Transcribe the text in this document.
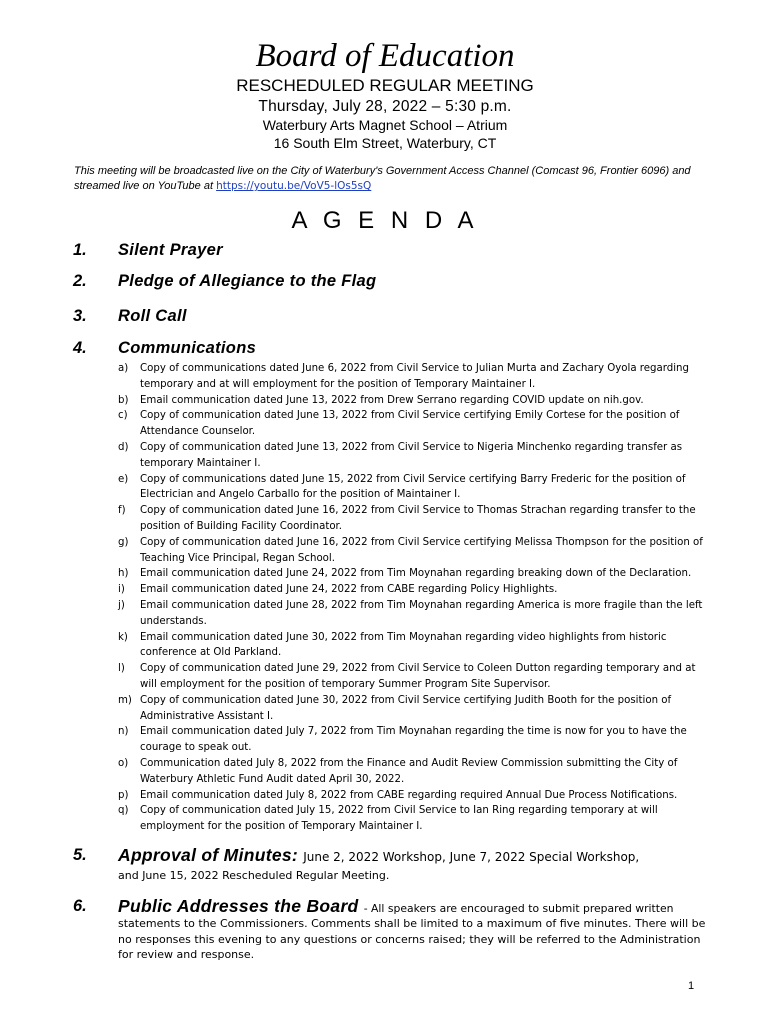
Board of Education
RESCHEDULED REGULAR MEETING
Thursday, July 28, 2022 – 5:30 p.m.
Waterbury Arts Magnet School – Atrium
16 South Elm Street, Waterbury, CT
This meeting will be broadcasted live on the City of Waterbury's Government Access Channel (Comcast 96, Frontier 6096) and streamed live on YouTube at https://youtu.be/VoV5-lOs5sQ
A G E N D A
1. Silent Prayer
2. Pledge of Allegiance to the Flag
3. Roll Call
4. Communications
a)	Copy of communications dated June 6, 2022 from Civil Service to Julian Murta and Zachary Oyola regarding temporary and at will employment for the position of Temporary Maintainer I.
b)	Email communication dated June 13, 2022 from Drew Serrano regarding COVID update on nih.gov.
c)	Copy of communication dated June 13, 2022 from Civil Service certifying Emily Cortese for the position of Attendance Counselor.
d)	Copy of communication dated June 13, 2022 from Civil Service to Nigeria Minchenko regarding transfer as temporary Maintainer I.
e)	Copy of communications dated June 15, 2022 from Civil Service certifying Barry Frederic for the position of Electrician and Angelo Carballo for the position of Maintainer I.
f)	Copy of communication dated June 16, 2022 from Civil Service to Thomas Strachan regarding transfer to the position of Building Facility Coordinator.
g)	Copy of communication dated June 16, 2022 from Civil Service certifying Melissa Thompson for the position of Teaching Vice Principal, Regan School.
h)	Email communication dated June 24, 2022 from Tim Moynahan regarding breaking down of the Declaration.
i)	Email communication dated June 24, 2022 from CABE regarding Policy Highlights.
j)	Email communication dated June 28, 2022 from Tim Moynahan regarding America is more fragile than the left understands.
k)	Email communication dated June 30, 2022 from Tim Moynahan regarding video highlights from historic conference at Old Parkland.
l)	Copy of communication dated June 29, 2022 from Civil Service to Coleen Dutton regarding temporary and at will employment for the position of temporary Summer Program Site Supervisor.
m) Copy of communication dated June 30, 2022 from Civil Service certifying Judith Booth for the position of Administrative Assistant I.
n)	Email communication dated July 7, 2022 from Tim Moynahan regarding the time is now for you to have the courage to speak out.
o)	Communication dated July 8, 2022 from the Finance and Audit Review Commission submitting the City of Waterbury Athletic Fund Audit dated April 30, 2022.
p)	Email communication dated July 8, 2022 from CABE regarding required Annual Due Process Notifications.
q)	Copy of communication dated July 15, 2022 from Civil Service to Ian Ring regarding temporary at will employment for the position of Temporary Maintainer I.
5. Approval of Minutes: June 2, 2022 Workshop, June 7, 2022 Special Workshop,
and June 15, 2022 Rescheduled Regular Meeting.
6. Public Addresses the Board - All speakers are encouraged to submit prepared written
statements to the Commissioners. Comments shall be limited to a maximum of five minutes. There will be no responses this evening to any questions or concerns raised; they will be referred to the Administration for review and response.
1
